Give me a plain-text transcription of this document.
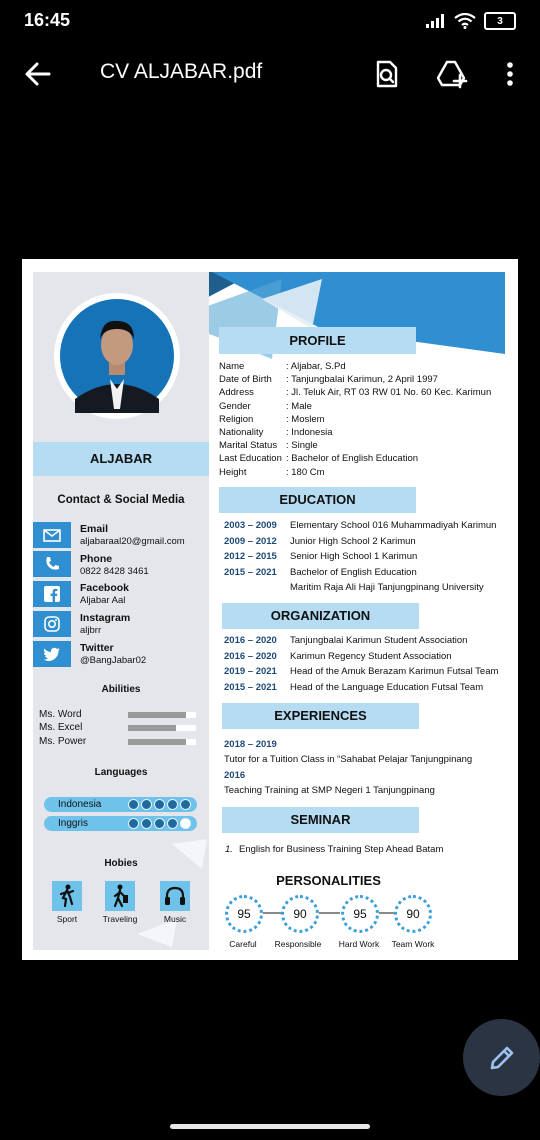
16:45	3
CV ALJABAR.pdf
ALJABAR
Contact & Social Media
Email
aljabaraal20@gmail.com
Phone
0822 8428 3461
Facebook
Aljabar Aal
Instagram
aljbrr
Twitter
@BangJabar02
Abilities
Ms. Word
Ms. Excel
Ms. Power
Languages
Indonesia
Inggris
Hobies
Sport	Traveling	Music
PROFILE
Name	: Aljabar, S.Pd
Date of Birth : Tanjungbalai Karimun, 2 April 1997
Address	: Jl. Teluk Air, RT 03 RW 01 No. 60 Kec. Karimun
Gender	: Male
Religion	: Moslem
Nationality : Indonesia
Marital Status : Single
Last Education : Bachelor of English Education
Height	: 180 Cm
EDUCATION
2003 – 2009 Elementary School 016 Muhammadiyah Karimun
2009 – 2012 Junior High School 2 Karimun
2012 – 2015 Senior High School 1 Karimun
2015 – 2021 Bachelor of English Education
Maritim Raja Ali Haji Tanjungpinang University
ORGANIZATION
2016 – 2020 Tanjungbalai Karimun Student Association
2016 – 2020 Karimun Regency Student Association
2019 – 2021 Head of the Amuk Berazam Karimun Futsal Team
2015 – 2021 Head of the Language Education Futsal Team
EXPERIENCES
2018 – 2019
Tutor for a Tuition Class in “Sahabat Pelajar Tanjungpinang
2016
Teaching Training at SMP Negeri 1 Tanjungpinang
SEMINAR
1. English for Business Training Step Ahead Batam
PERSONALITIES
95	90	95	90
Careful	Responsible	Hard Work	Team Work
